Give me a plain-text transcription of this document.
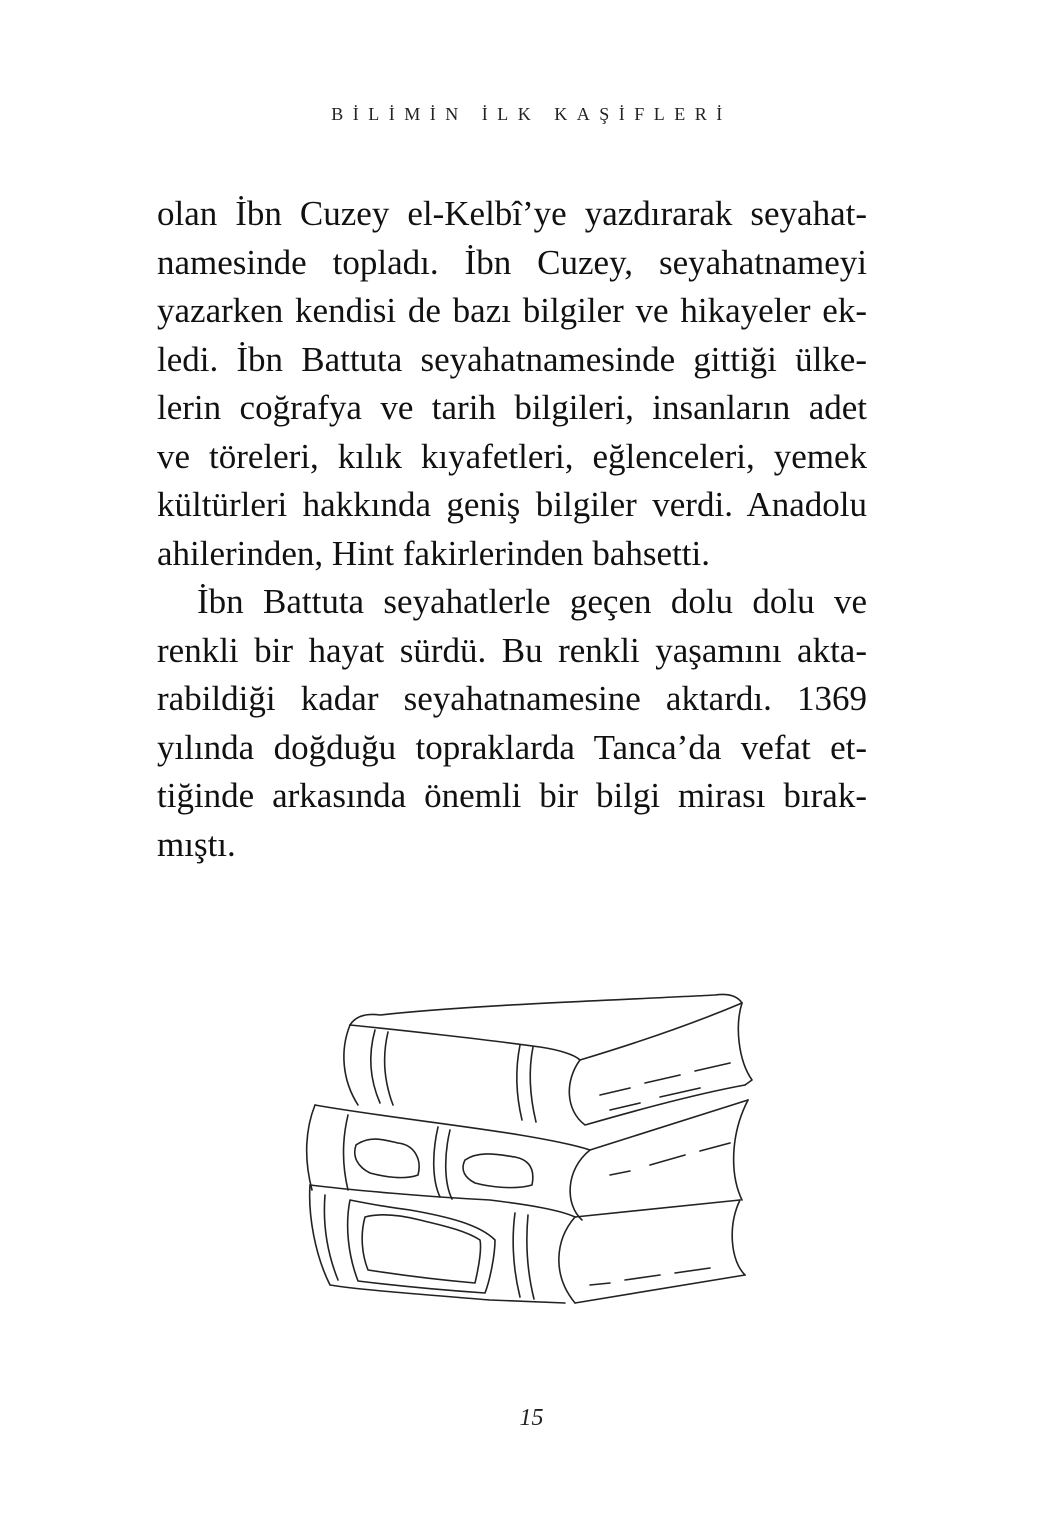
BİLİMİN İLK KAŞİFLERİ
olan İbn Cuzey el-Kelbî’ye yazdırarak seyahat-
namesinde topladı. İbn Cuzey, seyahatnameyi
yazarken kendisi de bazı bilgiler ve hikayeler ek-
ledi. İbn Battuta seyahatnamesinde gittiği ülke-
lerin coğrafya ve tarih bilgileri, insanların adet
ve töreleri, kılık kıyafetleri, eğlenceleri, yemek
kültürleri hakkında geniş bilgiler verdi. Anadolu
ahilerinden, Hint fakirlerinden bahsetti.
İbn Battuta seyahatlerle geçen dolu dolu ve
renkli bir hayat sürdü. Bu renkli yaşamını akta-
rabildiği kadar seyahatnamesine aktardı. 1369
yılında doğduğu topraklarda Tanca’da vefat et-
tiğinde arkasında önemli bir bilgi mirası bırak-
mıştı.
15
